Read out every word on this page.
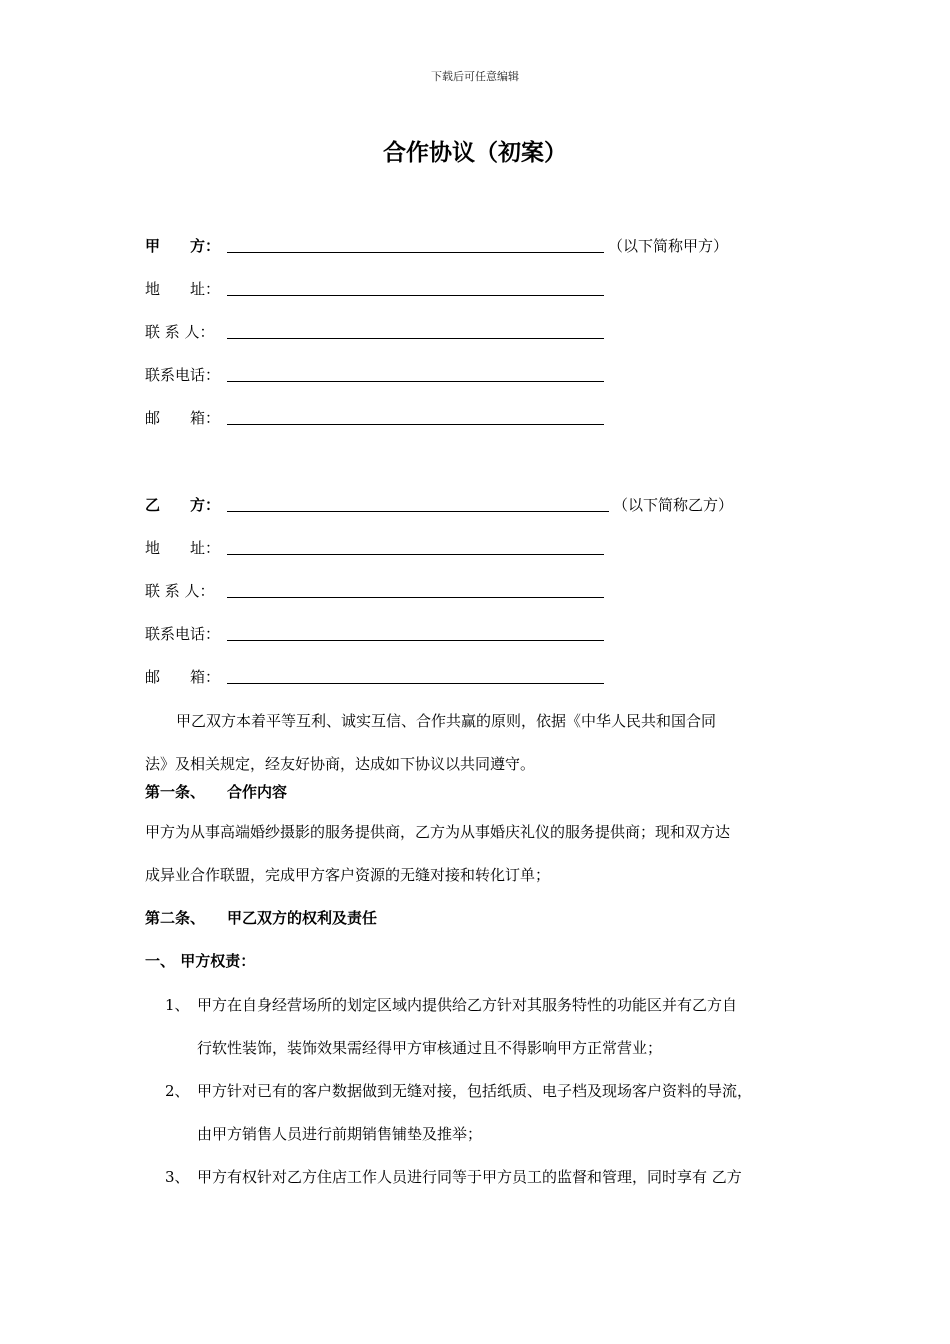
下载后可任意编辑
合作协议（初案）
甲　　方：	（以下简称甲方）
地　　址：
联 系 人：
联系电话：
邮　　箱：
乙　　方：	（以下简称乙方）
地　　址：
联 系 人：
联系电话：
邮　　箱：
甲乙双方本着平等互利、诚实互信、合作共赢的原则，依据《中华人民共和国合同
法》及相关规定，经友好协商，达成如下协议以共同遵守。
第一条、 合作内容
甲方为从事高端婚纱摄影的服务提供商，乙方为从事婚庆礼仪的服务提供商；现和双方达
成异业合作联盟，完成甲方客户资源的无缝对接和转化订单；
第二条、 甲乙双方的权利及责任
一、 甲方权责：
1、 甲方在自身经营场所的划定区域内提供给乙方针对其服务特性的功能区并有乙方自
行软性装饰，装饰效果需经得甲方审核通过且不得影响甲方正常营业；
2、 甲方针对已有的客户数据做到无缝对接，包括纸质、电子档及现场客户资料的导流，
由甲方销售人员进行前期销售铺垫及推举；
3、 甲方有权针对乙方住店工作人员进行同等于甲方员工的监督和管理，同时享有 乙方
